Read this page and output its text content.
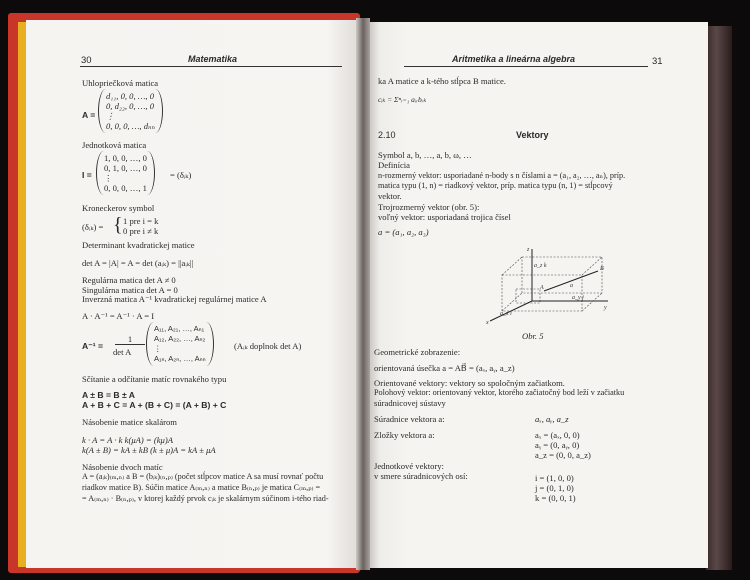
30	Matematika
Uhlopriečková matica
A =
d₁₁, 0, 0, …, 0
0, d₂₂, 0, …, 0
⋮
0, 0, 0, …, dₙₙ
Jednotková matica
I =
1, 0, 0, …, 0
0, 1, 0, …, 0
⋮
0, 0, 0, …, 1
= (δᵢₖ)
Kroneckerov symbol
(δᵢₖ) = { 1 pre i = k
0 pre i ≠ k
Determinant kvadratickej matice
det A = |A| = A = det (aᵢₖ) = ||aᵢₖ||
Regulárna matica det A ≠ 0
Singulárna matica det A = 0
Inverzná matica A⁻¹ kvadratickej regulárnej matice A
A · A⁻¹ = A⁻¹ · A = I
A⁻¹ =
1
det A
A₁₁, A₂₁, …, Aₙ₁
A₁₂, A₂₂, …, Aₙ₂
⋮
A₁ₙ, A₂ₙ, …, Aₙₙ
(Aᵢₖ doplnok det A)
Sčítanie a odčítanie matíc rovnakého typu
A ± B = B ± A
A + B + C = A + (B + C) = (A + B) + C
Násobenie matice skalárom
k · A = A · k k(μA) = (kμ)A
k(A ± B) = kA ± kB (k ± μ)A = kA ± μA
Násobenie dvoch matíc
A = (aᵢₖ)₍ₘ,ₙ₎ a B = (bᵢₖ)₍ₙ,ₚ₎ (počet stĺpcov matice A sa musí rovnať počtu
riadkov matice B). Súčin matice A₍ₘ,ₙ₎ a matice B₍ₙ,ₚ₎ je matica C₍ₘ,ₚ₎ =
= A₍ₘ,ₙ₎ · B₍ₙ,ₚ₎, v ktorej každý prvok cᵢₖ je skalárnym súčinom i-tého riad-
Aritmetika a lineárna algebra	31
ka A matice a k-tého stĺpca B matice.
cᵢₖ = Σⁿᵣ₌₁ aᵢᵣbᵣₖ
2.10	Vektory
Symbol a, b, …, a, b, ω, …
Definícia
n-rozmerný vektor: usporiadané n-body s n číslami a = (a₁, a₂, …, aₙ), príp.
matica typu (1, n) = riadkový vektor, príp. matica typu (n, 1) = stĺpcový
vektor.
Trojrozmerný vektor (obr. 5):
voľný vektor: usporiadaná trojica čísel
a = (a₁, a₂, a₃)
z
y
x
A
B
a
a_z k
a_y j
a_x i
Obr. 5
Geometrické zobrazenie:
orientovaná úsečka a = AB⃗ = (aₓ, aᵧ, a_z)
Orientované vektory: vektory so spoločným začiatkom.
Polohový vektor: orientovaný vektor, ktorého začiatočný bod leží v začiatku
súradnicovej sústavy
Súradnice vektora a:	aₓ, aᵧ, a_z
Zložky vektora a:	aₓ = (aₓ, 0, 0)
aᵧ = (0, aᵧ, 0)
a_z = (0, 0, a_z)
Jednotkové vektory:
v smere súradnicových osí:	i = (1, 0, 0)
j = (0, 1, 0)
k = (0, 0, 1)
